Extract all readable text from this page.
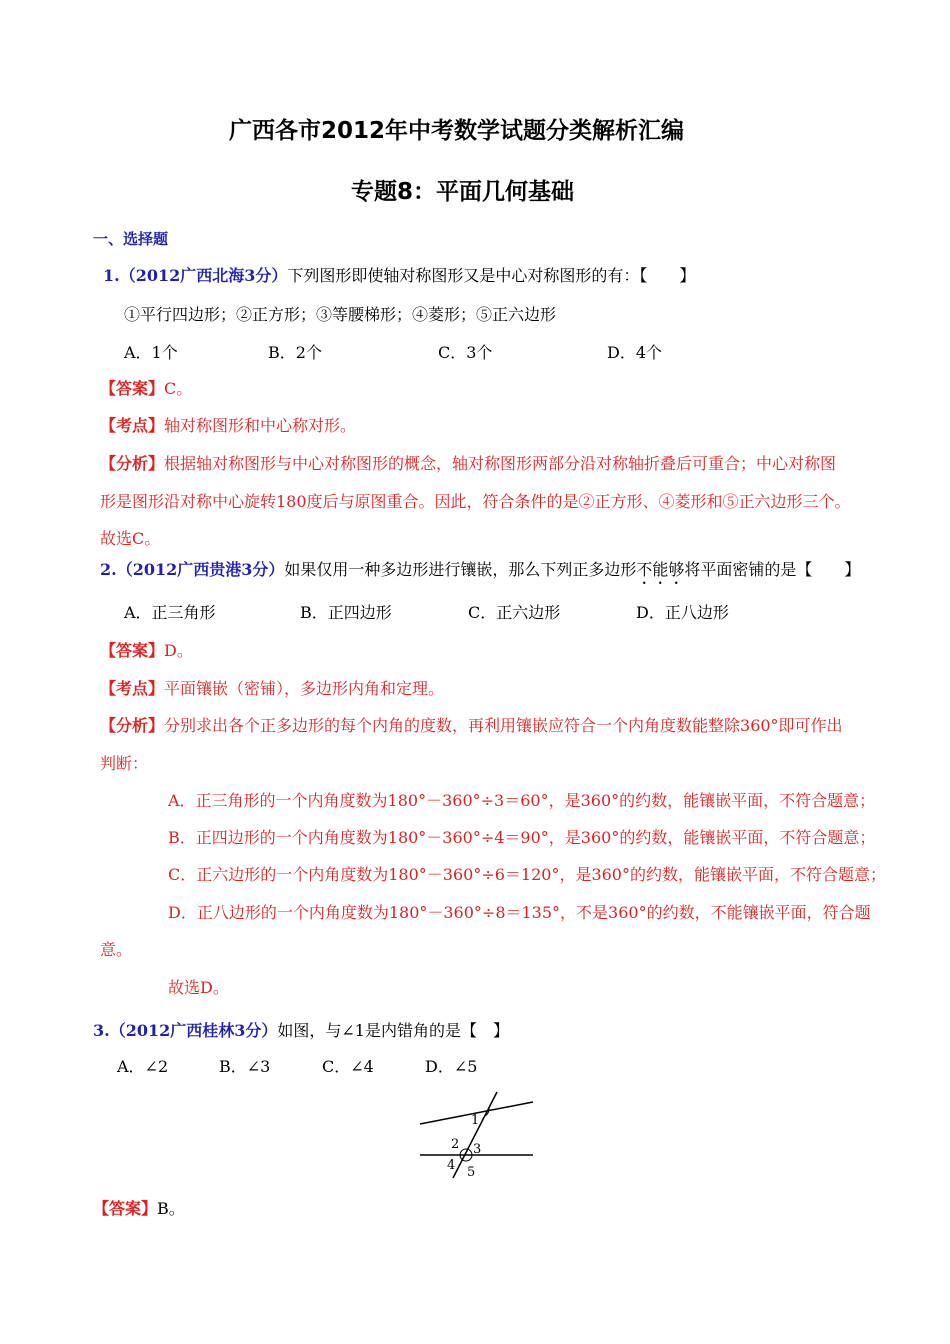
广西各市2012年中考数学试题分类解析汇编
专题8：平面几何基础
一、选择题
1.（2012广西北海3分）下列图形即使轴对称图形又是中心对称图形的有：【　　】
①平行四边形；②正方形；③等腰梯形；④菱形；⑤正六边形
A．1个	B．2个	C．3个	D．4个
【答案】C。
【考点】轴对称图形和中心称对形。
【分析】根据轴对称图形与中心对称图形的概念，轴对称图形两部分沿对称轴折叠后可重合；中心对称图
形是图形沿对称中心旋转180度后与原图重合。因此，符合条件的是②正方形、④菱形和⑤正六边形三个。
故选C。
2.（2012广西贵港3分）如果仅用一种多边形进行镶嵌，那么下列正多边形不能够将平面密铺的是【　　】
A．正三角形	B．正四边形	C．正六边形	D．正八边形
【答案】D。
【考点】平面镶嵌（密铺），多边形内角和定理。
【分析】分别求出各个正多边形的每个内角的度数，再利用镶嵌应符合一个内角度数能整除360°即可作出
判断：
A．正三角形的一个内角度数为180°－360°÷3＝60°，是360°的约数，能镶嵌平面，不符合题意；
B．正四边形的一个内角度数为180°－360°÷4＝90°，是360°的约数，能镶嵌平面，不符合题意；
C．正六边形的一个内角度数为180°－360°÷6＝120°，是360°的约数，能镶嵌平面，不符合题意；
D．正八边形的一个内角度数为180°－360°÷8＝135°，不是360°的约数，不能镶嵌平面，符合题
意。
故选D。
3.（2012广西桂林3分）如图，与∠1是内错角的是【　】
A．∠2	B．∠3	C．∠4	D．∠5
1
2 3
4 5
【答案】B。
